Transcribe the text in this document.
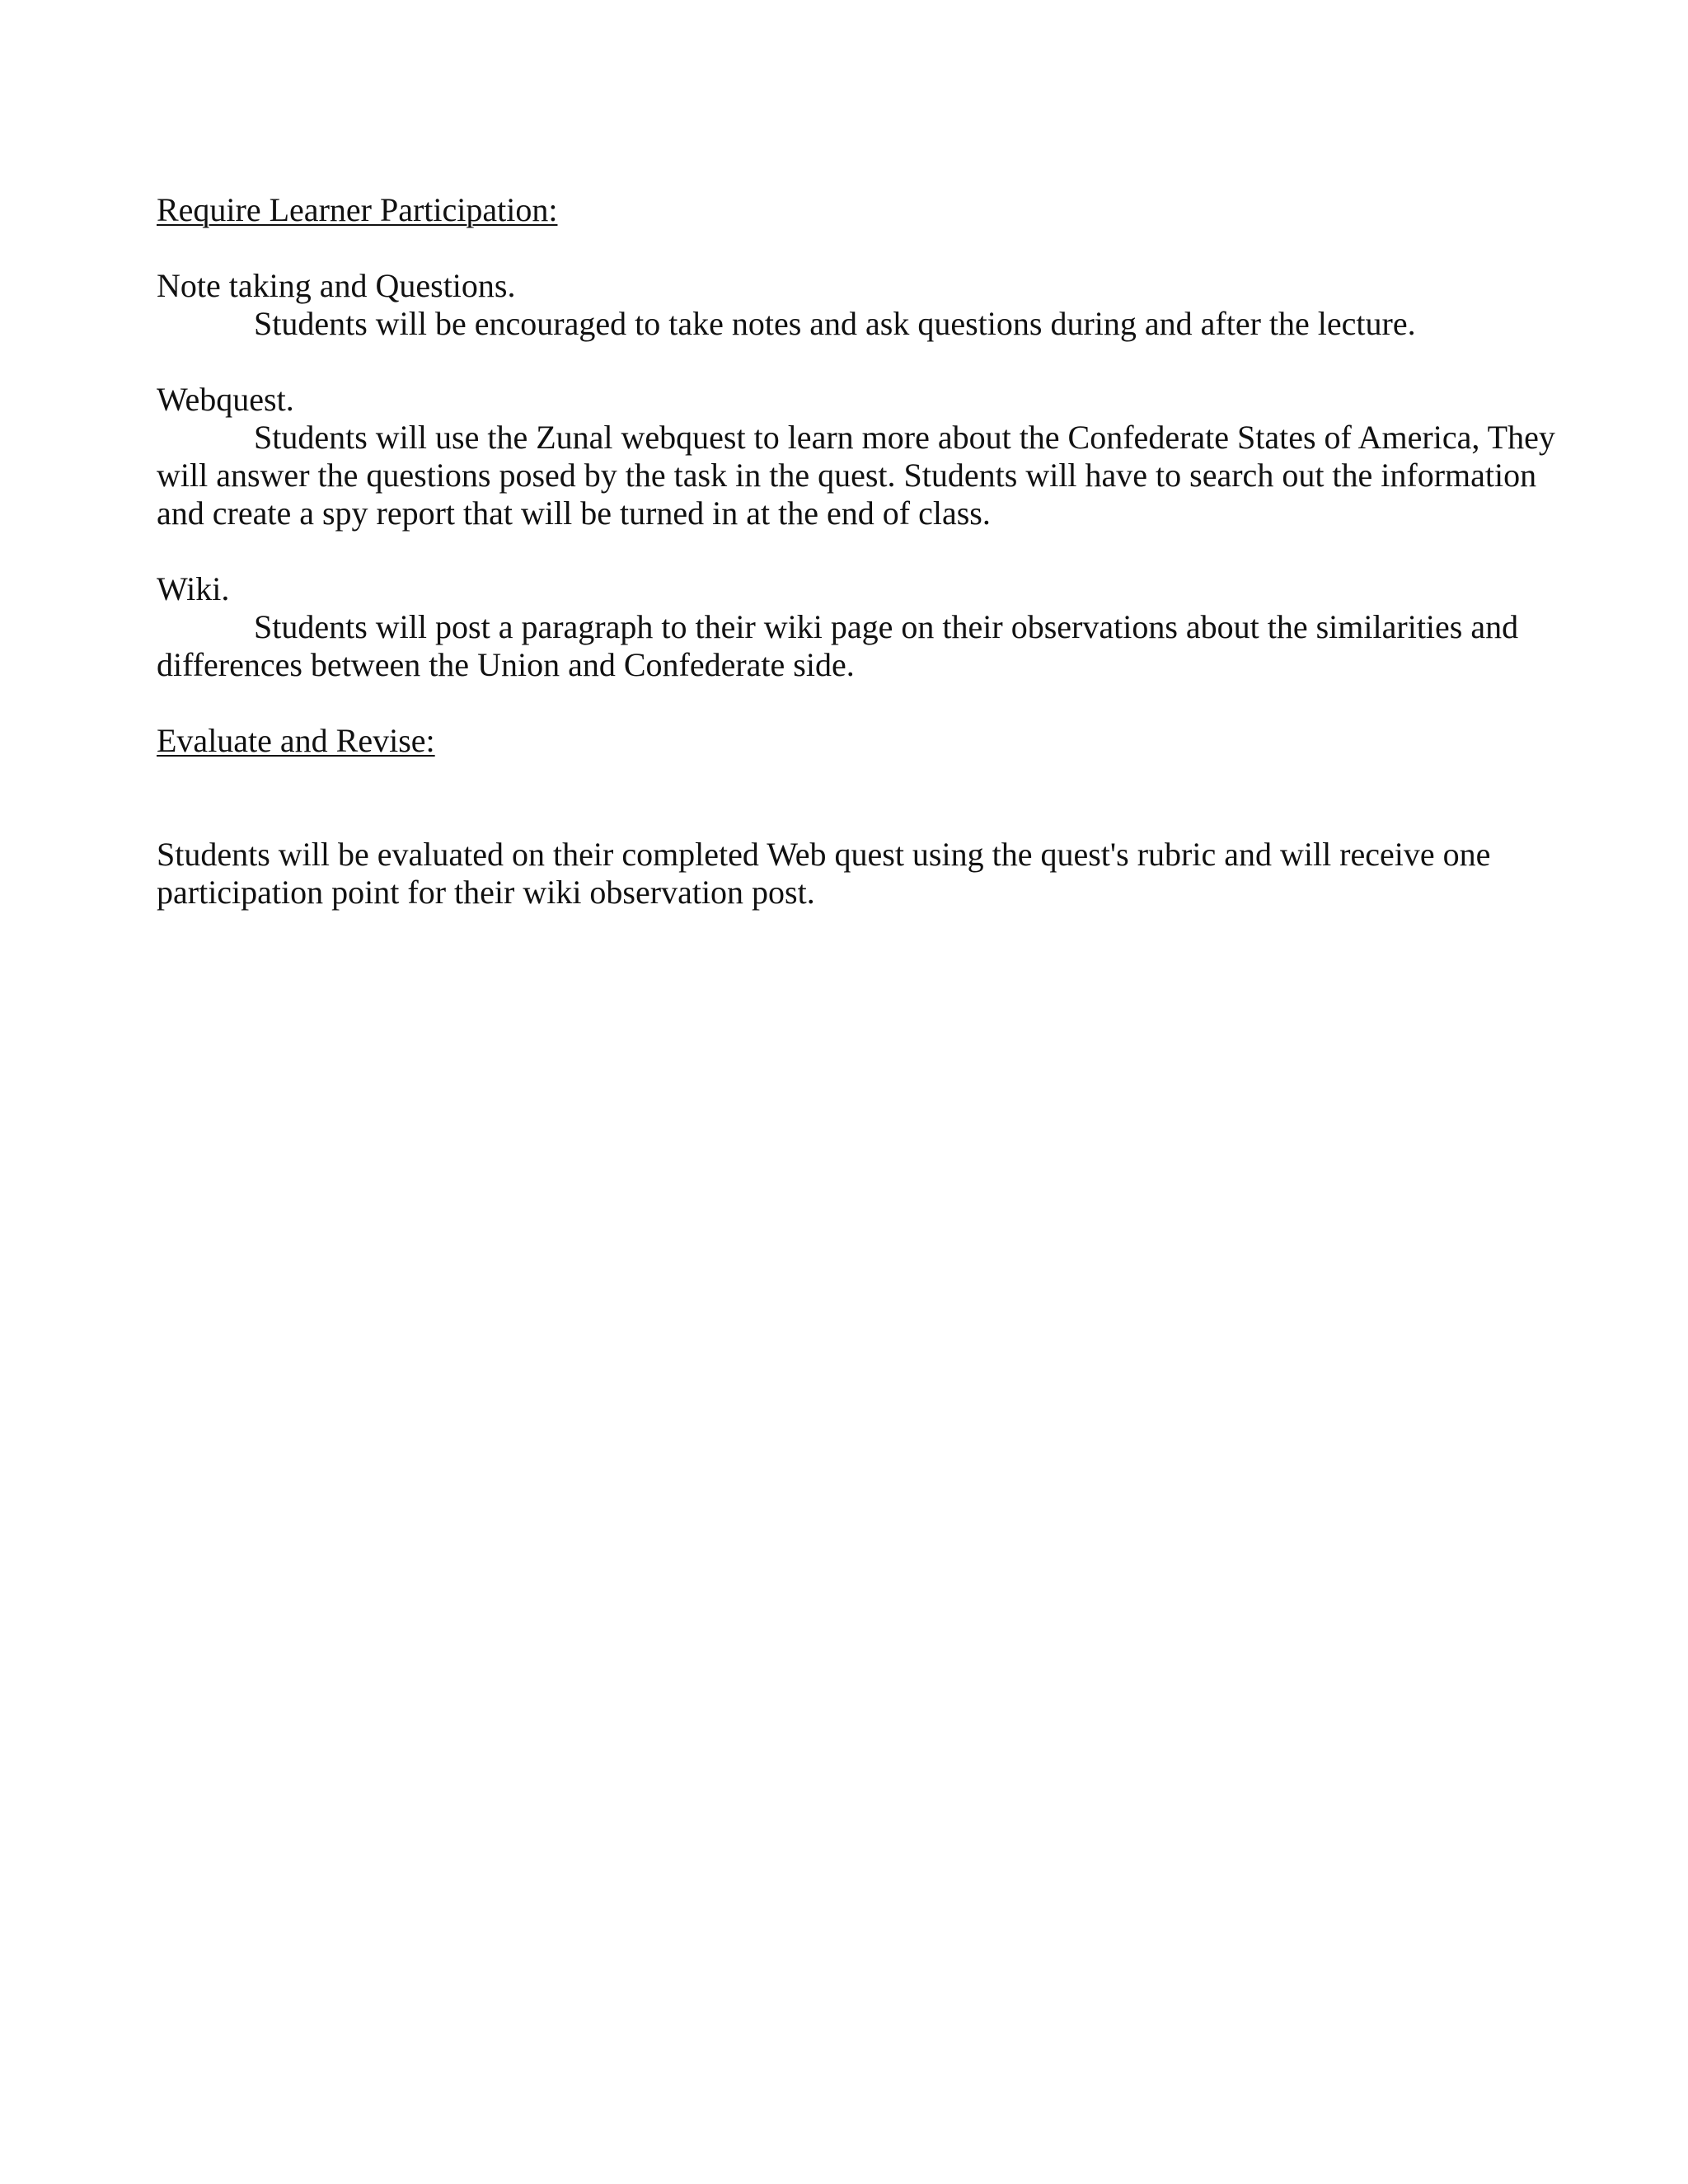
Require Learner Participation:

Note taking and Questions.

Students will be encouraged to take notes and ask questions during and after the lecture.

Webquest.

Students will use the Zunal webquest to learn more about the Confederate States of America, They will answer the questions posed by the task in the quest. Students will have to search out the information and create a spy report that will be turned in at the end of class.

Wiki.

Students will post a paragraph to their wiki page on their observations about the similarities and differences between the Union and Confederate side.

Evaluate and Revise:

Students will be evaluated on their completed Web quest using the quest's rubric and will receive one participation point for their wiki observation post.
